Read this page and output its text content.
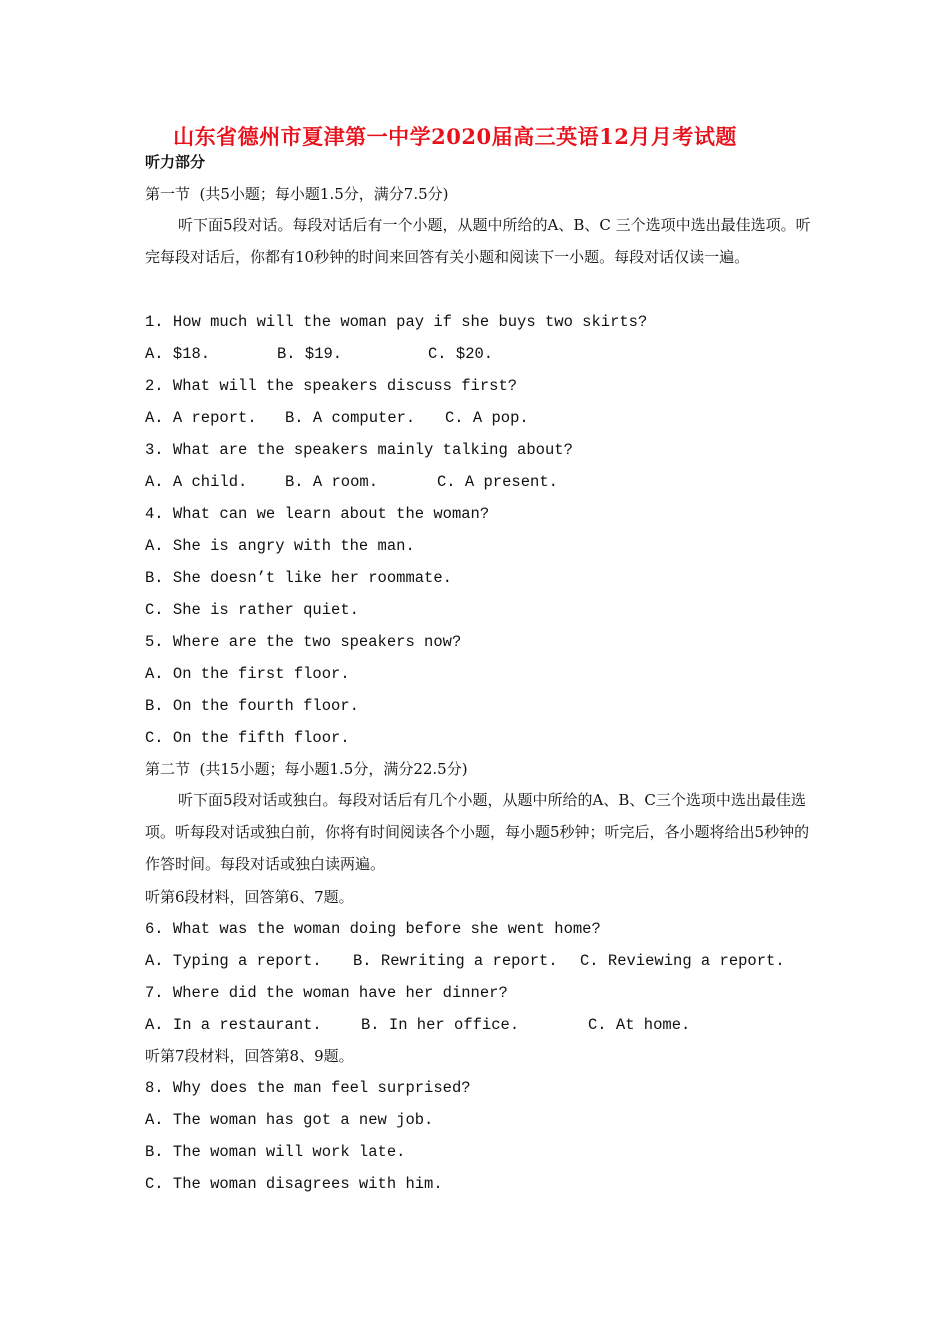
山东省德州市夏津第一中学2020届高三英语12月月考试题
听力部分
第一节  (共5小题；每小题1.5分，满分7.5分)
听下面5段对话。每段对话后有一个小题，从题中所给的A、B、C 三个选项中选出最佳选项。听完每段对话后，你都有10秒钟的时间来回答有关小题和阅读下一小题。每段对话仅读一遍。
1. How much will the woman pay if she buys two skirts?
A. $18.	B. $19.	C. $20.
2. What will the speakers discuss first?
A. A report. B. A computer. C. A pop.
3. What are the speakers mainly talking about?
A. A child. B. A room.	C. A present.
4. What can we learn about the woman?
A. She is angry with the man.
B. She doesn’t like her roommate.
C. She is rather quiet.
5. Where are the two speakers now?
A. On the first floor.
B. On the fourth floor.
C. On the fifth floor.
第二节  (共15小题；每小题1.5分，满分22.5分)
听下面5段对话或独白。每段对话后有几个小题，从题中所给的A、B、C三个选项中选出最佳选项。听每段对话或独白前，你将有时间阅读各个小题，每小题5秒钟；听完后，各小题将给出5秒钟的作答时间。每段对话或独白读两遍。
听第6段材料，回答第6、7题。
6. What was the woman doing before she went home?
A. Typing a report. B. Rewriting a report. C. Reviewing a report.
7. Where did the woman have her dinner?
A. In a restaurant.	B. In her office.	C. At home.
听第7段材料，回答第8、9题。
8. Why does the man feel surprised?
A. The woman has got a new job.
B. The woman will work late.
C. The woman disagrees with him.
